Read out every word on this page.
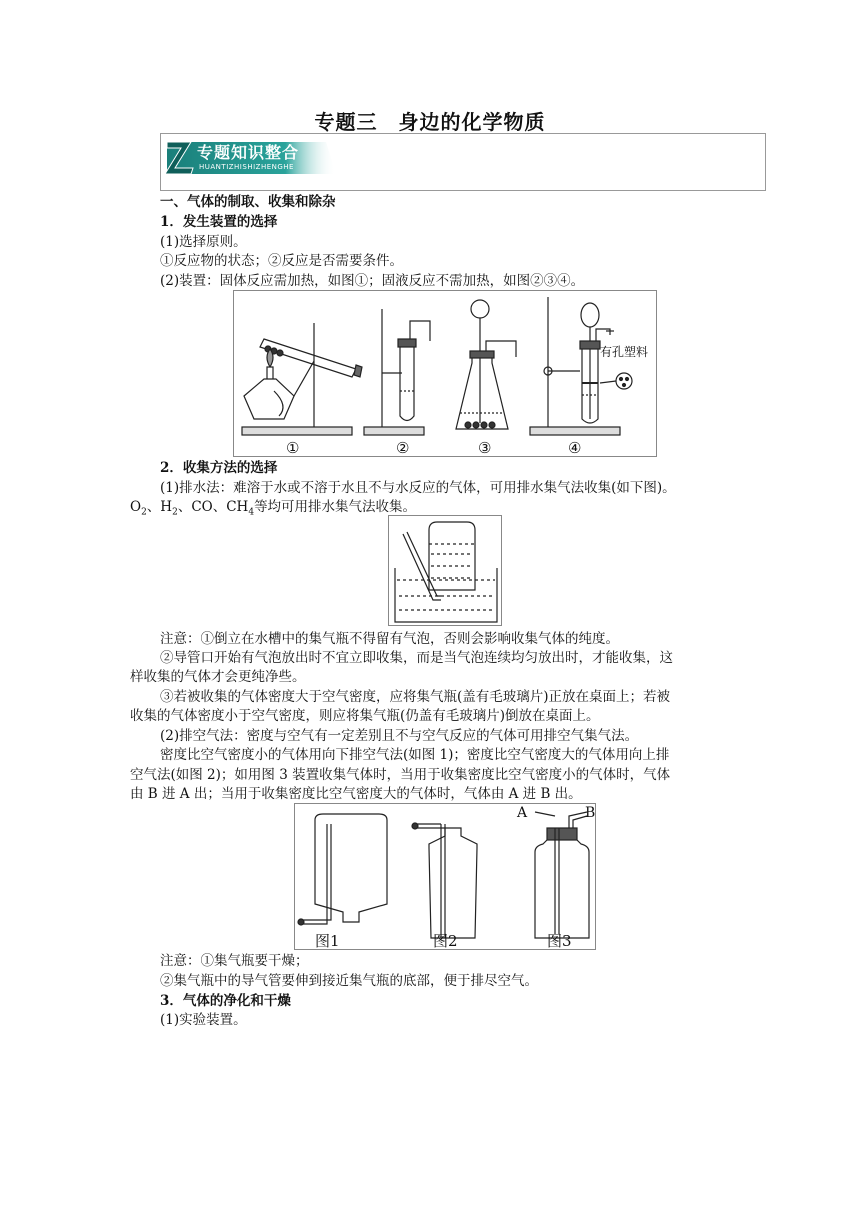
专题三　身边的化学物质
专题知识整合
HUANTIZHISHIZHENGHE
一、气体的制取、收集和除杂
1．发生装置的选择
(1)选择原则。
①反应物的状态；②反应是否需要条件。
(2)装置：固体反应需加热，如图①；固液反应不需加热，如图②③④。
有孔塑料
①	②	③	④
2．收集方法的选择
(1)排水法：难溶于水或不溶于水且不与水反应的气体，可用排水集气法收集(如下图)。
$O_2$、$H_2$、CO、$CH_4$等均可用排水集气法收集。
注意：①倒立在水槽中的集气瓶不得留有气泡，否则会影响收集气体的纯度。
②导管口开始有气泡放出时不宜立即收集，而是当气泡连续均匀放出时，才能收集，这
样收集的气体才会更纯净些。
③若被收集的气体密度大于空气密度，应将集气瓶(盖有毛玻璃片)正放在桌面上；若被
收集的气体密度小于空气密度，则应将集气瓶(仍盖有毛玻璃片)倒放在桌面上。
(2)排空气法：密度与空气有一定差别且不与空气反应的气体可用排空气集气法。
密度比空气密度小的气体用向下排空气法(如图 1)；密度比空气密度大的气体用向上排
空气法(如图 2)；如用图 3 装置收集气体时，当用于收集密度比空气密度小的气体时，气体
由 B 进 A 出；当用于收集密度比空气密度大的气体时，气体由 A 进 B 出。
A	B
图1	图2	图3
注意：①集气瓶要干燥；
②集气瓶中的导气管要伸到接近集气瓶的底部，便于排尽空气。
3．气体的净化和干燥
(1)实验装置。
